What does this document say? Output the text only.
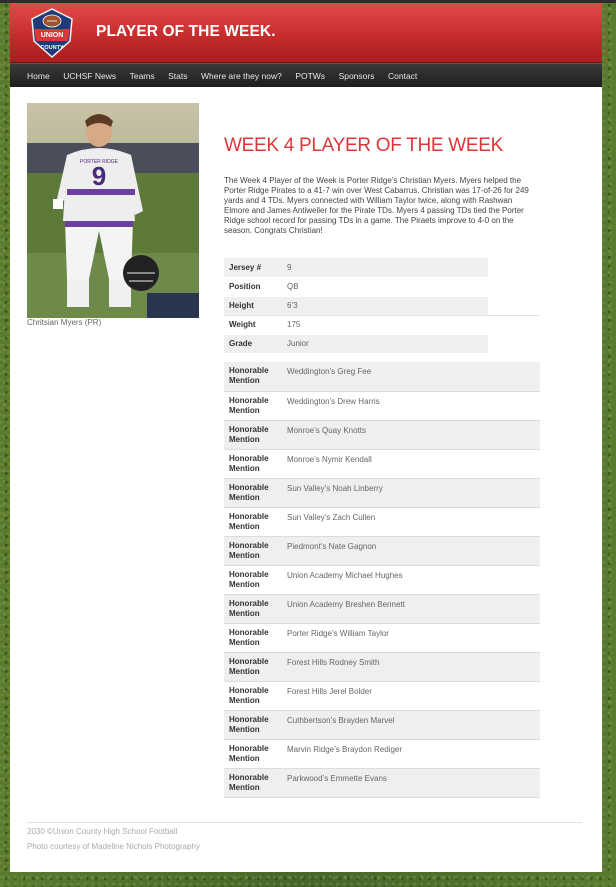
UNION
COUNTY
PLAYER OF THE WEEK.
Home UCHSF News Teams Stats Where are they now? POTWs Sponsors Contact
9
PORTER RIDGE
Chritsian Myers (PR)
WEEK 4 PLAYER OF THE WEEK

The Week 4 Player of the Week is Porter Ridge’s Christian Myers. Myers helped the Porter Ridge Pirates to a 41-7 win over West Cabarrus. Christian was 17-of-26 for 249 yards and 4 TDs. Myers connected with William Taylor twice, along with Rashwan Elmore and James Antiweiler for the Pirate TDs. Myers 4 passing TDs tied the Porter Ridge school record for passing TDs in a game. The Piraets improve to 4-0 on the season. Congrats Christian!

Jersey #	9
Position	QB
Height	6’3
Weight	175
Grade	Junior
Honorable Mention	Weddington’s Greg Fee
Honorable Mention	Weddington’s Drew Harris
Honorable Mention	Monroe’s Quay Knotts
Honorable Mention	Monroe’s Nymir Kendall
Honorable Mention	Sun Valley’s Noah Linberry
Honorable Mention	Sun Valley’s Zach Cullen
Honorable Mention	Piedmont’s Nate Gagnon
Honorable Mention	Union Academy Michael Hughes
Honorable Mention	Union Academy Breshen Bennett
Honorable Mention	Porter Ridge’s William Taylor
Honorable Mention	Forest Hills Rodney Smith
Honorable Mention	Forest Hills Jerel Bolder
Honorable Mention	Cuthbertson’s Brayden Marvel
Honorable Mention	Marvin Ridge’s Braydon Rediger
Honorable Mention	Parkwood’s Emmette Evans
2030 ©Union County High School Football
Photo courtesy of Madeline Nichols Photography
